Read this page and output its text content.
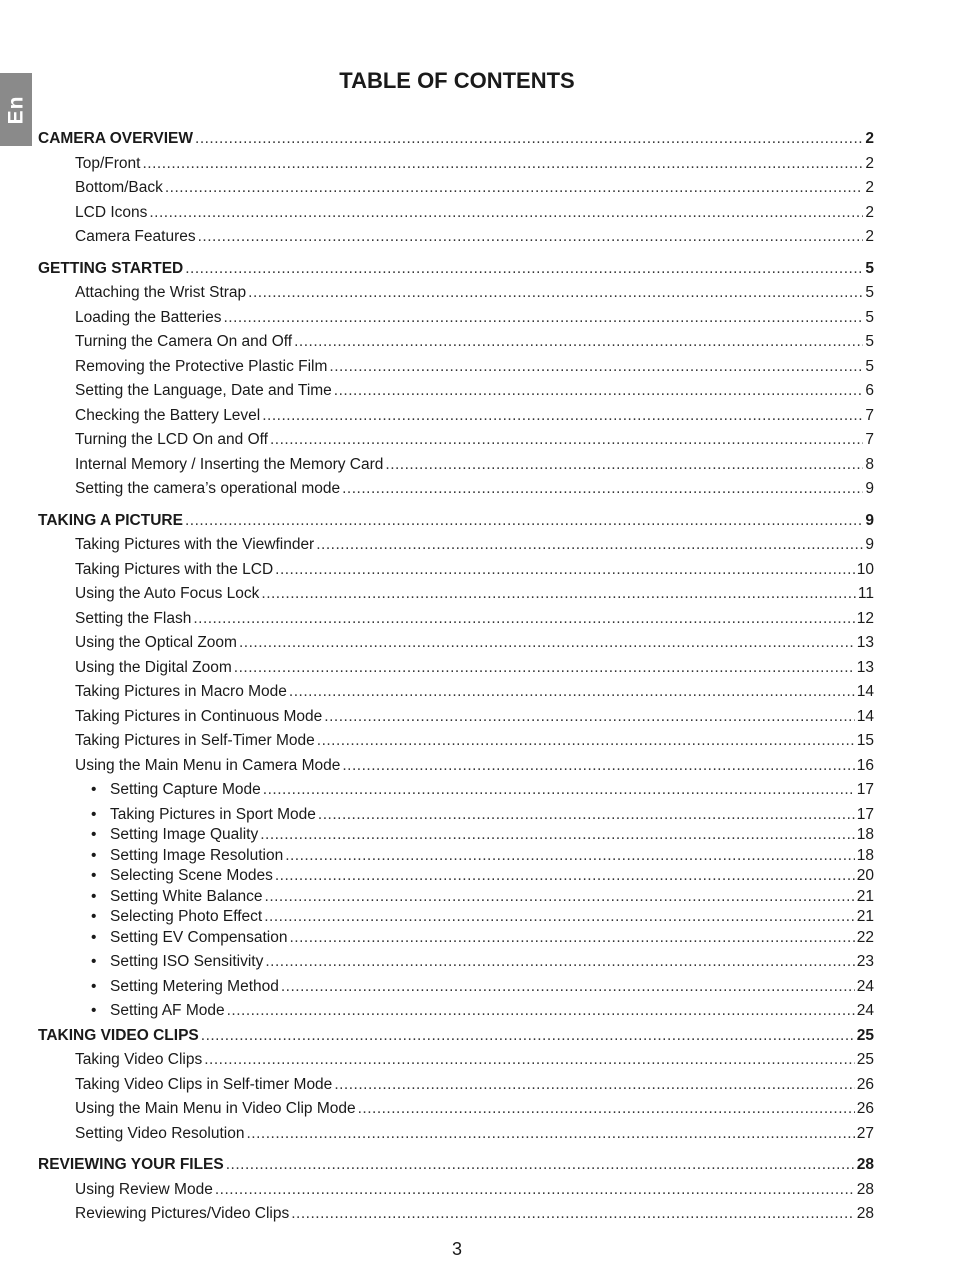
En
TABLE OF CONTENTS
CAMERA OVERVIEW .....	2
Top/Front .....	2
Bottom/Back .....	2
LCD Icons .....	2
Camera Features .....	2
GETTING STARTED .....	5
Attaching the Wrist Strap .....	5
Loading the Batteries .....	5
Turning the Camera On and Off .....	5
Removing the Protective Plastic Film .....	5
Setting the Language, Date and Time .....	6
Checking the Battery Level .....	7
Turning the LCD On and Off .....	7
Internal Memory / Inserting the Memory Card .....	8
Setting the camera’s operational mode .....	9
TAKING A PICTURE .....	9
Taking Pictures with the Viewfinder .....	9
Taking Pictures with the LCD .....	10
Using the Auto Focus Lock .....	11
Setting the Flash .....	12
Using the Optical Zoom .....	13
Using the Digital Zoom .....	13
Taking Pictures in Macro Mode .....	14
Taking Pictures in Continuous Mode .....	14
Taking Pictures in Self-Timer Mode .....	15
Using the Main Menu in Camera Mode .....	16
• Setting Capture Mode .....	17
• Taking Pictures in Sport Mode .....	17
• Setting Image Quality .....	18
• Setting Image Resolution .....	18
• Selecting Scene Modes .....	20
• Setting White Balance .....	21
• Selecting Photo Effect .....	21
• Setting EV Compensation .....	22
• Setting ISO Sensitivity .....	23
• Setting Metering Method .....	24
• Setting AF Mode .....	24
TAKING VIDEO CLIPS .....	25
Taking Video Clips .....	25
Taking Video Clips in Self-timer Mode .....	26
Using the Main Menu in Video Clip Mode .....	26
Setting Video Resolution .....	27
REVIEWING YOUR FILES .....	28
Using Review Mode .....	28
Reviewing Pictures/Video Clips .....	28
3
